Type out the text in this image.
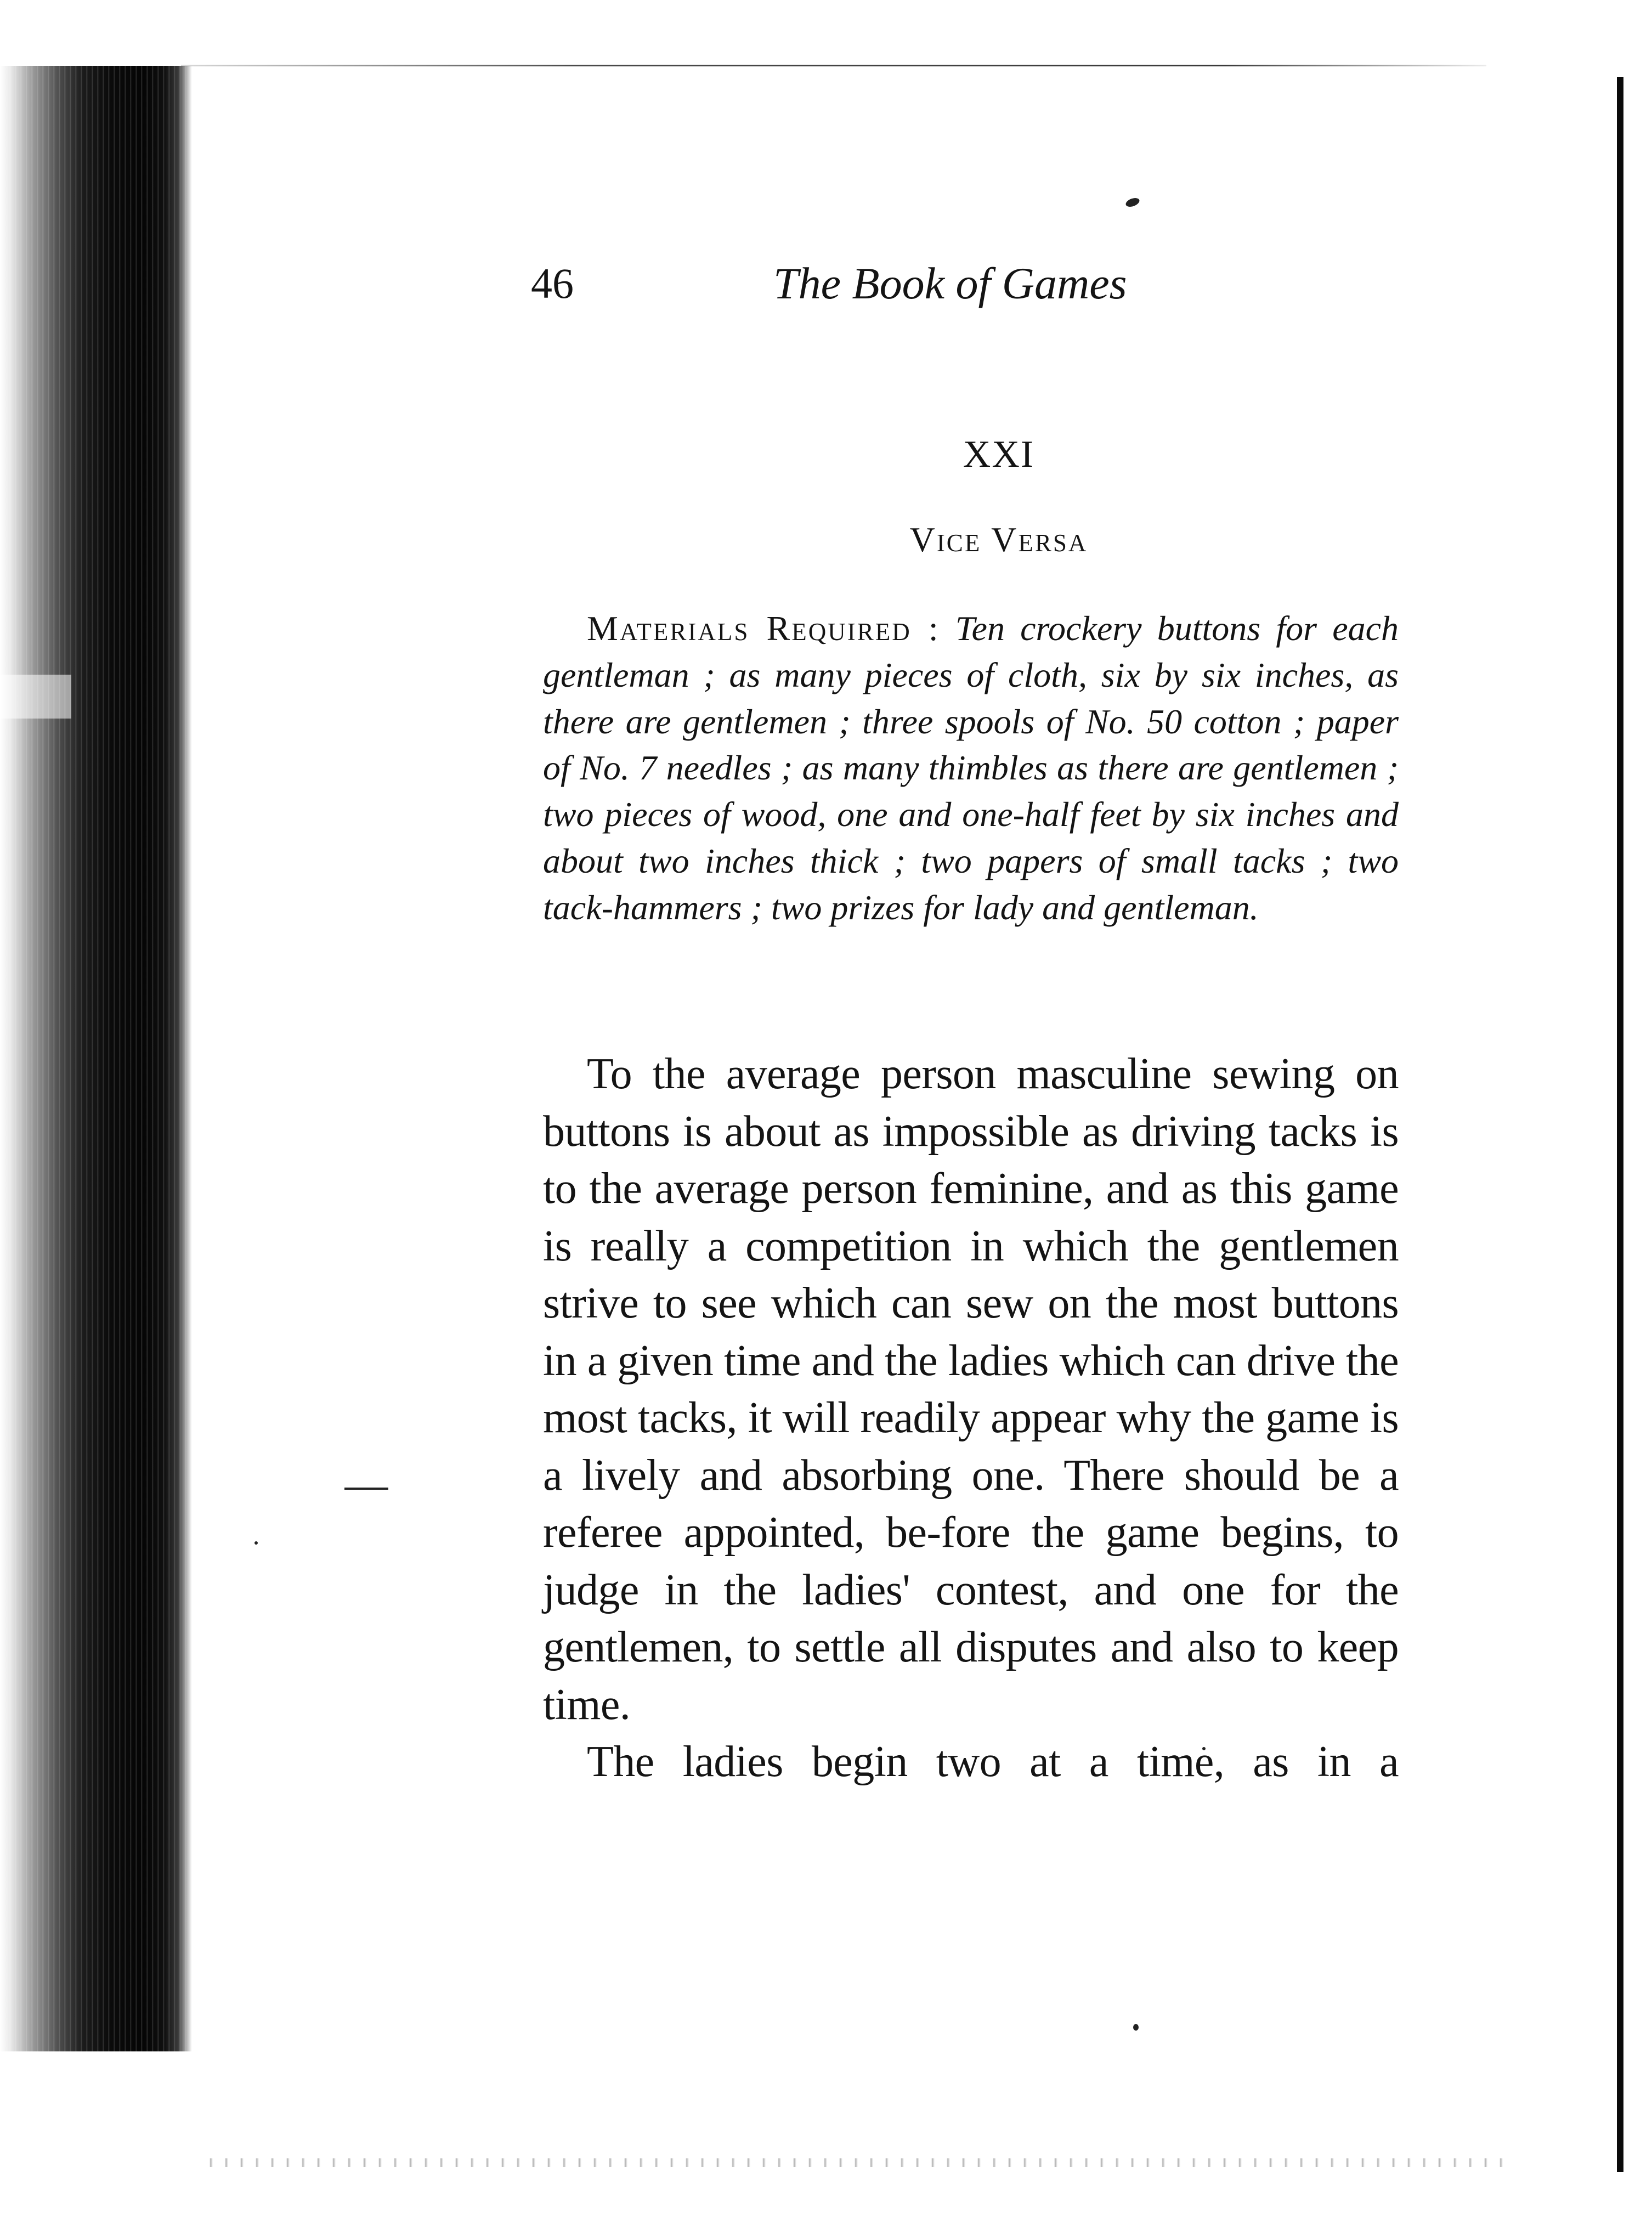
46	The Book of Games
XXI
Vice Versa
Materials Required : Ten crockery buttons for each gentleman ; as many pieces of cloth, six by six inches, as there are gentlemen ; three spools of No. 50 cotton ; paper of No. 7 needles ; as many thimbles as there are gentlemen ; two pieces of wood, one and one-half feet by six inches and about two inches thick ; two papers of small tacks ; two tack-hammers ; two prizes for lady and gentleman.

To the average person masculine sewing on buttons is about as impossible as driving tacks is to the average person feminine, and as this game is really a competition in which the gentlemen strive to see which can sew on the most buttons in a given time and the ladies which can drive the most tacks, it will readily appear why the game is a lively and absorbing one. There should be a referee appointed, be-fore the game begins, to judge in the ladies' contest, and one for the gentlemen, to settle all disputes and also to keep time.

The ladies begin two at a time, as in a
